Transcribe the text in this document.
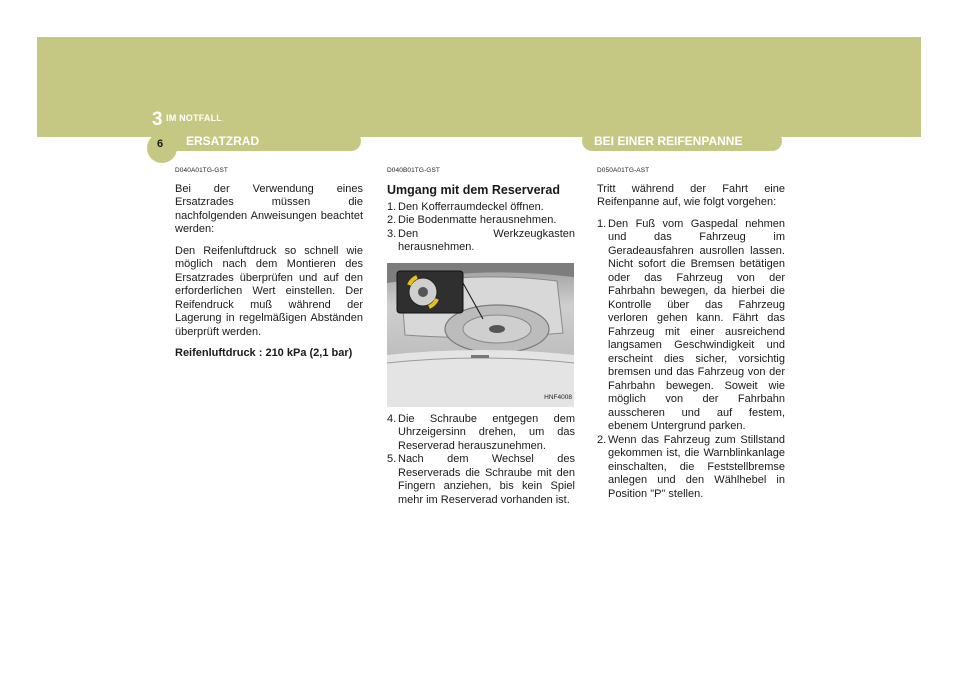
3 IM NOTFALL
6	ERSATZRAD	BEI EINER REIFENPANNE
D040A01TG-GST

Bei der Verwendung eines Ersatzrades müssen die nachfolgenden Anweisungen beachtet werden:

Den Reifenluftdruck so schnell wie möglich nach dem Montieren des Ersatzrades überprüfen und auf den erforderlichen Wert einstellen. Der Reifendruck muß während der Lagerung in regelmäßigen Abständen überprüft werden.

Reifenluftdruck : 210 kPa (2,1 bar)

D040B01TG-GST
Umgang mit dem Reserverad
1. Den Kofferraumdeckel öffnen.
2. Die Bodenmatte herausnehmen.
3. Den Werkzeugkasten herausnehmen.
HNF4008
4. Die Schraube entgegen dem Uhrzeigersinn drehen, um das Reserverad herauszunehmen.
5. Nach dem Wechsel des Reserverads die Schraube mit den Fingern anziehen, bis kein Spiel mehr im Reserverad vorhanden ist.
D050A01TG-AST

Tritt während der Fahrt eine Reifenpanne auf, wie folgt vorgehen:

1. Den Fuß vom Gaspedal nehmen und das Fahrzeug im Geradeausfahren ausrollen lassen. Nicht sofort die Bremsen betätigen oder das Fahrzeug von der Fahrbahn bewegen, da hierbei die Kontrolle über das Fahrzeug verloren gehen kann. Fährt das Fahrzeug mit einer ausreichend langsamen Geschwindigkeit und erscheint dies sicher, vorsichtig bremsen und das Fahrzeug von der Fahrbahn bewegen. Soweit wie möglich von der Fahrbahn ausscheren und auf festem, ebenem Untergrund parken.
2. Wenn das Fahrzeug zum Stillstand gekommen ist, die Warnblinkanlage einschalten, die Feststellbremse anlegen und den Wählhebel in Position "P" stellen.
